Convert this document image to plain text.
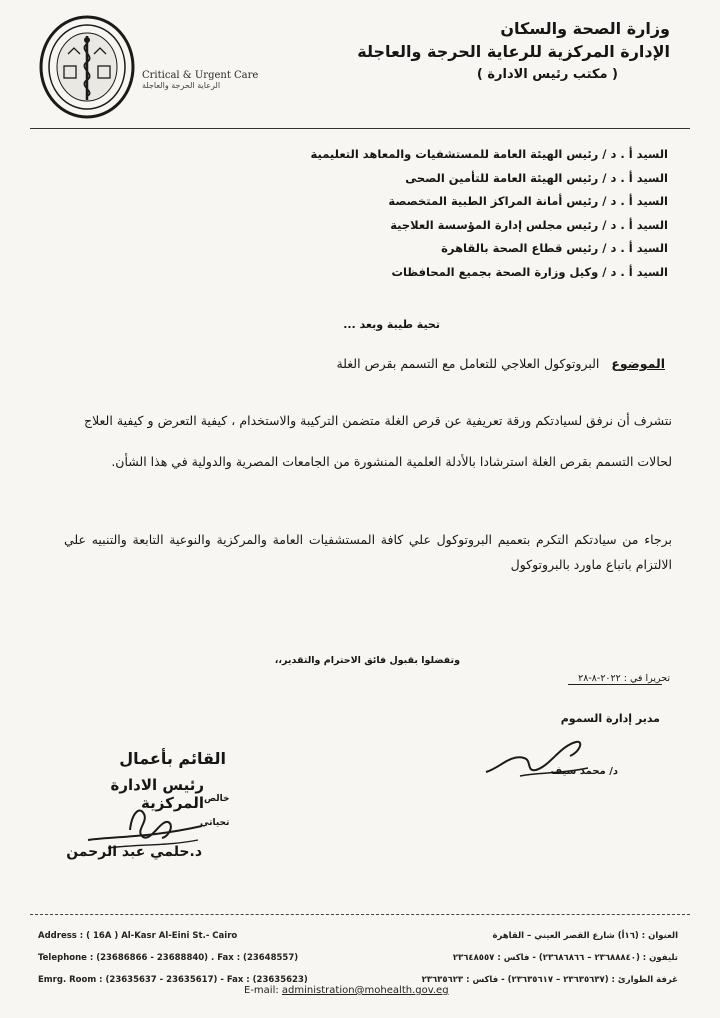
Critical & Urgent Care
الرعاية الحرجة والعاجلة
وزارة الصحة والسكان
الإدارة المركزية للرعاية الحرجة والعاجلة
( مكتب رئيس الادارة )
السيد أ . د / رئيس الهيئة العامة للمستشفيات والمعاهد التعليمية
السيد أ . د / رئيس الهيئة العامة للتأمين الصحى
السيد أ . د / رئيس أمانة المراكز الطبية المتخصصة
السيد أ . د / رئيس مجلس إدارة المؤسسة العلاجية
السيد أ . د / رئيس قطاع الصحة بالقاهرة
السيد أ . د / وكيل وزارة الصحة بجميع المحافظات
تحية طيبة وبعد ...
الموضوع   البروتوكول العلاجي للتعامل مع التسمم بقرص الغلة
نتشرف أن نرفق لسيادتكم ورقة تعريفية عن قرص الغلة متضمن التركيبة والاستخدام ، كيفية التعرض و كيفية العلاج لحالات التسمم بقرص الغلة استرشادا بالأدلة العلمية المنشورة من الجامعات المصرية والدولية في هذا الشأن.
برجاء من سيادتكم التكرم بتعميم البروتوكول علي كافة المستشفيات العامة والمركزية والنوعية التابعة والتنبيه علي الالتزام باتباع ماورد بالبروتوكول
وتفضلوا بقبول فائق الاحترام والتقدير،،
تحريرا في : ٢٠٢٢-٨-٢٨
مدير إدارة السموم
د/ محمد سيف
القائم بأعمال
رئيس الادارة المركزية خالص
تحياتي
د.حلمي عبد الرحمن
Address : ( 16A ) Al-Kasr Al-Eini St.- Cairo
Telephone : (23686866 - 23688840) . Fax : (23648557)
Emrg. Room : (23635637 - 23635617) - Fax : (23635623)
العنوان : (١٦أ) شارع القصر العيني – القاهرة
تليفون : (٢٣٦٨٨٨٤٠ – ٢٣٦٨٦٨٦٦) - فاكس : ٢٣٦٤٨٥٥٧
غرفة الطوارئ : (٢٣٦٣٥٦٣٧ – ٢٣٦٣٥٦١٧) - فاكس : ٢٣٦٣٥٦٢٣
E-mail: administration@mohealth.gov.eg
